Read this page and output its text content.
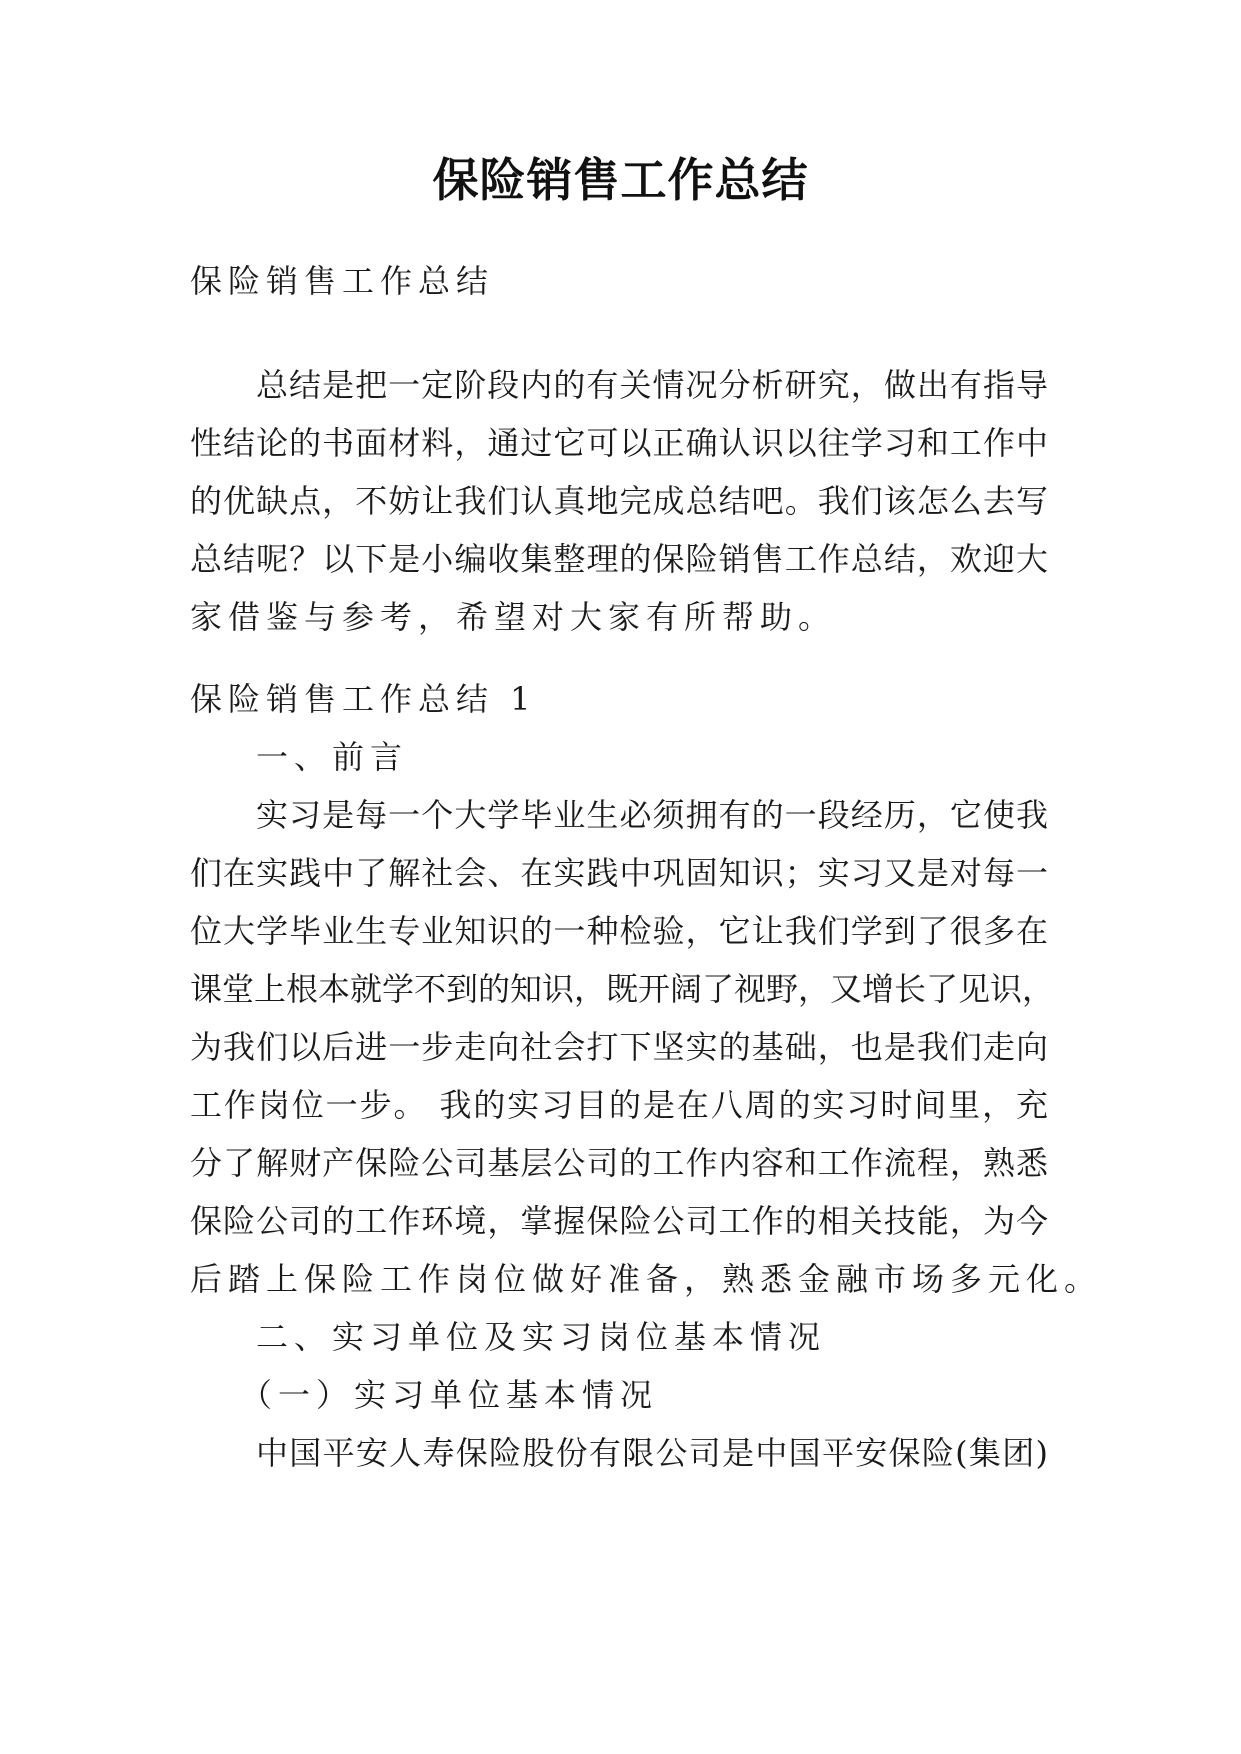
保险销售工作总结
保险销售工作总结
总结是把一定阶段内的有关情况分析研究，做出有指导
性结论的书面材料，通过它可以正确认识以往学习和工作中
的优缺点，不妨让我们认真地完成总结吧。我们该怎么去写
总结呢？以下是小编收集整理的保险销售工作总结，欢迎大
家借鉴与参考，希望对大家有所帮助。
保险销售工作总结 1
一、前言
实习是每一个大学毕业生必须拥有的一段经历，它使我
们在实践中了解社会、在实践中巩固知识；实习又是对每一
位大学毕业生专业知识的一种检验，它让我们学到了很多在
课堂上根本就学不到的知识，既开阔了视野，又增长了见识，
为我们以后进一步走向社会打下坚实的基础，也是我们走向
工作岗位一步。 我的实习目的是在八周的实习时间里，充
分了解财产保险公司基层公司的工作内容和工作流程，熟悉
保险公司的工作环境，掌握保险公司工作的相关技能，为今
后踏上保险工作岗位做好准备，熟悉金融市场多元化。
二、实习单位及实习岗位基本情况
（一）实习单位基本情况
中国平安人寿保险股份有限公司是中国平安保险(集团)
